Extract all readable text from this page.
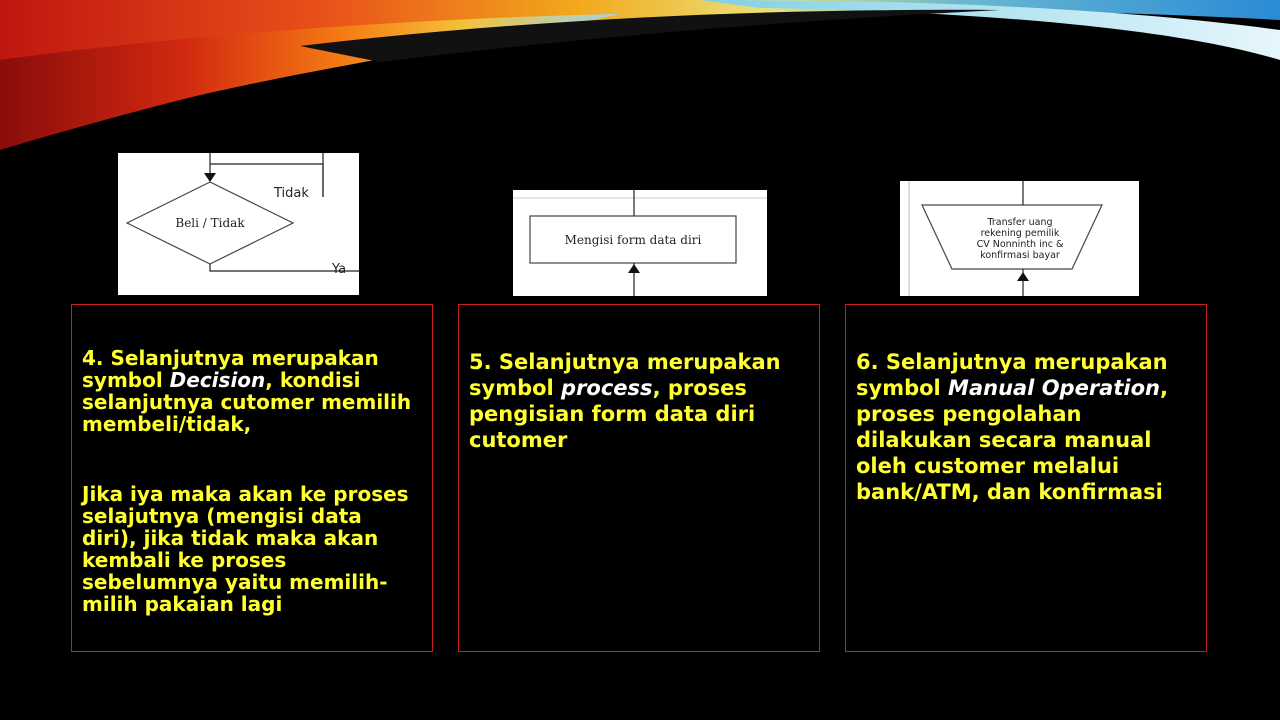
Beli / Tidak
Tidak
Ya
Mengisi form data diri
Transfer uang
rekening pemilik
CV Nonninth inc &
konfirmasi bayar

4. Selanjutnya merupakan symbol Decision, kondisi selanjutnya cutomer memilih membeli/tidak,

Jika iya maka akan ke proses selajutnya (mengisi data diri), jika tidak maka akan kembali ke proses sebelumnya yaitu memilih-milih pakaian lagi

5. Selanjutnya merupakan symbol process, proses pengisian form data diri cutomer

6. Selanjutnya merupakan symbol Manual Operation, proses pengolahan dilakukan secara manual oleh customer melalui bank/ATM, dan konfirmasi
